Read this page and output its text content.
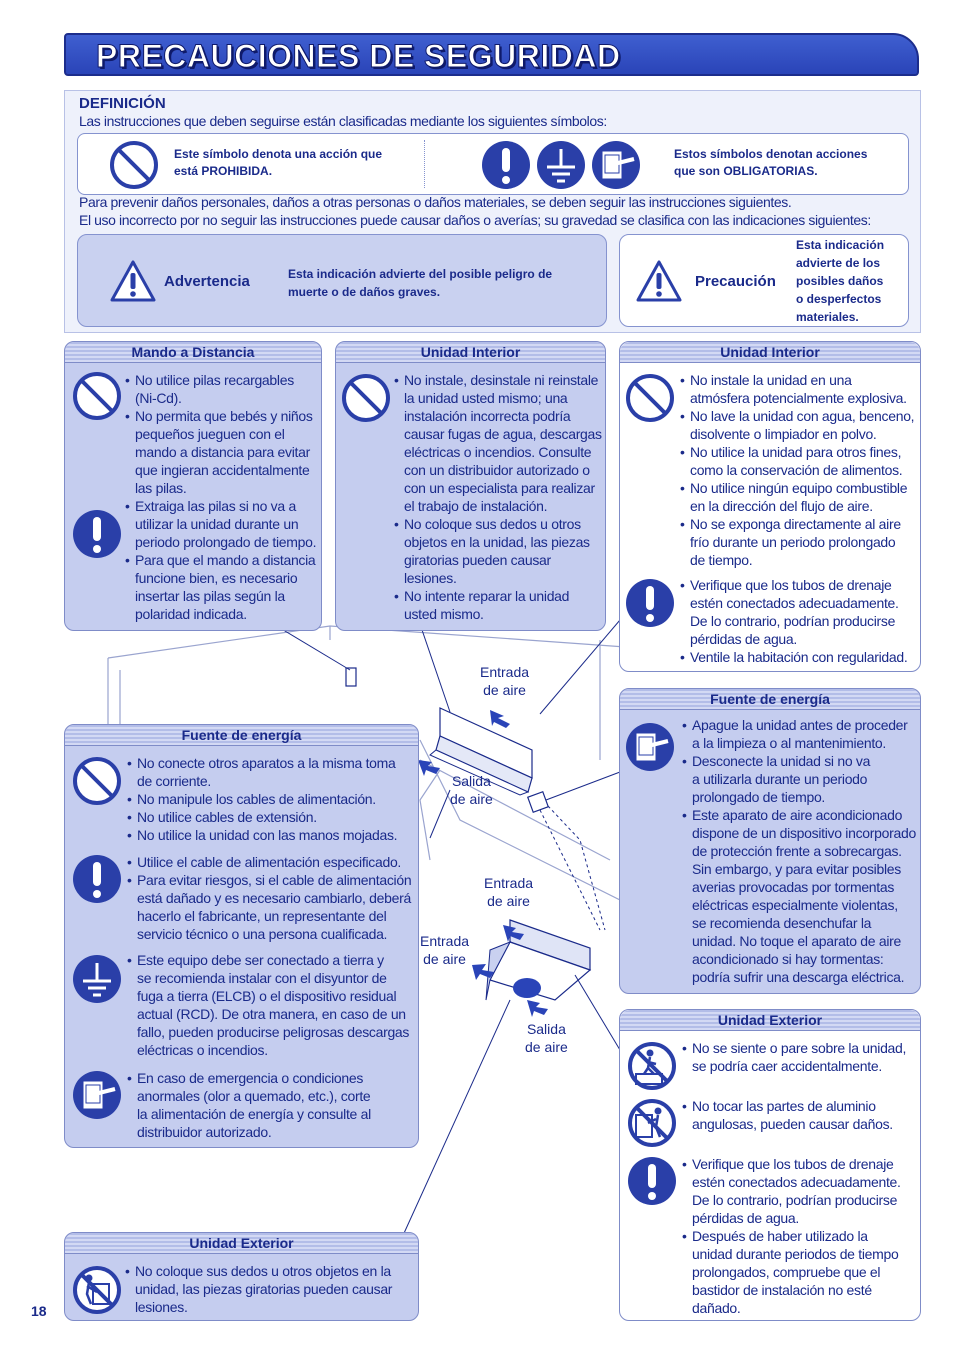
PRECAUCIONES DE SEGURIDAD
DEFINICIÓN
Las instrucciones que deben seguirse están clasificadas mediante los siguientes símbolos:
Este símbolo denota una acción que
está PROHIBIDA.
Estos símbolos denotan acciones
que son OBLIGATORIAS.
Para prevenir daños personales, daños a otras personas o daños materiales, se deben seguir las instrucciones siguientes.
El uso incorrecto por no seguir las instrucciones puede causar daños o averías; su gravedad se clasifica con las indicaciones siguientes:
Advertencia	Esta indicación advierte del posible peligro de
muerte o de daños graves.
Precaución
Esta indicación
advierte de los
posibles daños
o desperfectos
materiales.
Entrada
de aire
Salida
de aire
Entrada
de aire
Entrada
de aire
Salida
de aire
Mando a Distancia
• No utilice pilas recargables
(Ni-Cd).
• No permita que bebés y niños
pequeños jueguen con el
mando a distancia para evitar
que ingieran accidentalmente
las pilas.
• Extraiga las pilas si no va a
utilizar la unidad durante un
periodo prolongado de tiempo.
• Para que el mando a distancia
funcione bien, es necesario
insertar las pilas según la
polaridad indicada.
Unidad Interior
• No instale, desinstale ni reinstale
la unidad usted mismo; una
instalación incorrecta podría
causar fugas de agua, descargas
eléctricas o incendios. Consulte
con un distribuidor autorizado o
con un especialista para realizar
el trabajo de instalación.
• No coloque sus dedos u otros
objetos en la unidad, las piezas
giratorias pueden causar
lesiones.
• No intente reparar la unidad
usted mismo.
Unidad Interior
• No instale la unidad en una
atmósfera potencialmente explosiva.
• No lave la unidad con agua, benceno,
disolvente o limpiador en polvo.
• No utilice la unidad para otros fines,
como la conservación de alimentos.
• No utilice ningún equipo combustible
en la dirección del flujo de aire.
• No se exponga directamente al aire
frío durante un periodo prolongado
de tiempo.
• Verifique que los tubos de drenaje
estén conectados adecuadamente.
De lo contrario, podrían producirse
pérdidas de agua.
• Ventile la habitación con regularidad.
Fuente de energía
• Apague la unidad antes de proceder
a la limpieza o al mantenimiento.
• Desconecte la unidad si no va
a utilizarla durante un periodo
prolongado de tiempo.
• Este aparato de aire acondicionado
dispone de un dispositivo incorporado
de protección frente a sobrecargas.
Sin embargo, y para evitar posibles
averias provocadas por tormentas
eléctricas especialmente violentas,
se recomienda desenchufar la
unidad. No toque el aparato de aire
acondicionado si hay tormentas:
podría sufrir una descarga eléctrica.
Fuente de energía
• No conecte otros aparatos a la misma toma
de corriente.
• No manipule los cables de alimentación.
• No utilice cables de extensión.
• No utilice la unidad con las manos mojadas.
• Utilice el cable de alimentación especificado.
• Para evitar riesgos, si el cable de alimentación
está dañado y es necesario cambiarlo, deberá
hacerlo el fabricante, un representante del
servicio técnico o una persona cualificada.
• Este equipo debe ser conectado a tierra y
se recomienda instalar con el disyuntor de
fuga a tierra (ELCB) o el dispositivo residual
actual (RCD). De otra manera, en caso de un
fallo, pueden producirse peligrosas descargas
eléctricas o incendios.
• En caso de emergencia o condiciones
anormales (olor a quemado, etc.), corte
la alimentación de energía y consulte al
distribuidor autorizado.
Unidad Exterior
• No se siente o pare sobre la unidad,
se podría caer accidentalmente.
• No tocar las partes de aluminio
angulosas, pueden causar daños.
• Verifique que los tubos de drenaje
estén conectados adecuadamente.
De lo contrario, podrían producirse
pérdidas de agua.
• Después de haber utilizado la
unidad durante periodos de tiempo
prolongados, compruebe que el
bastidor de instalación no esté
dañado.
Unidad Exterior
• No coloque sus dedos u otros objetos en la
unidad, las piezas giratorias pueden causar
lesiones.
18
